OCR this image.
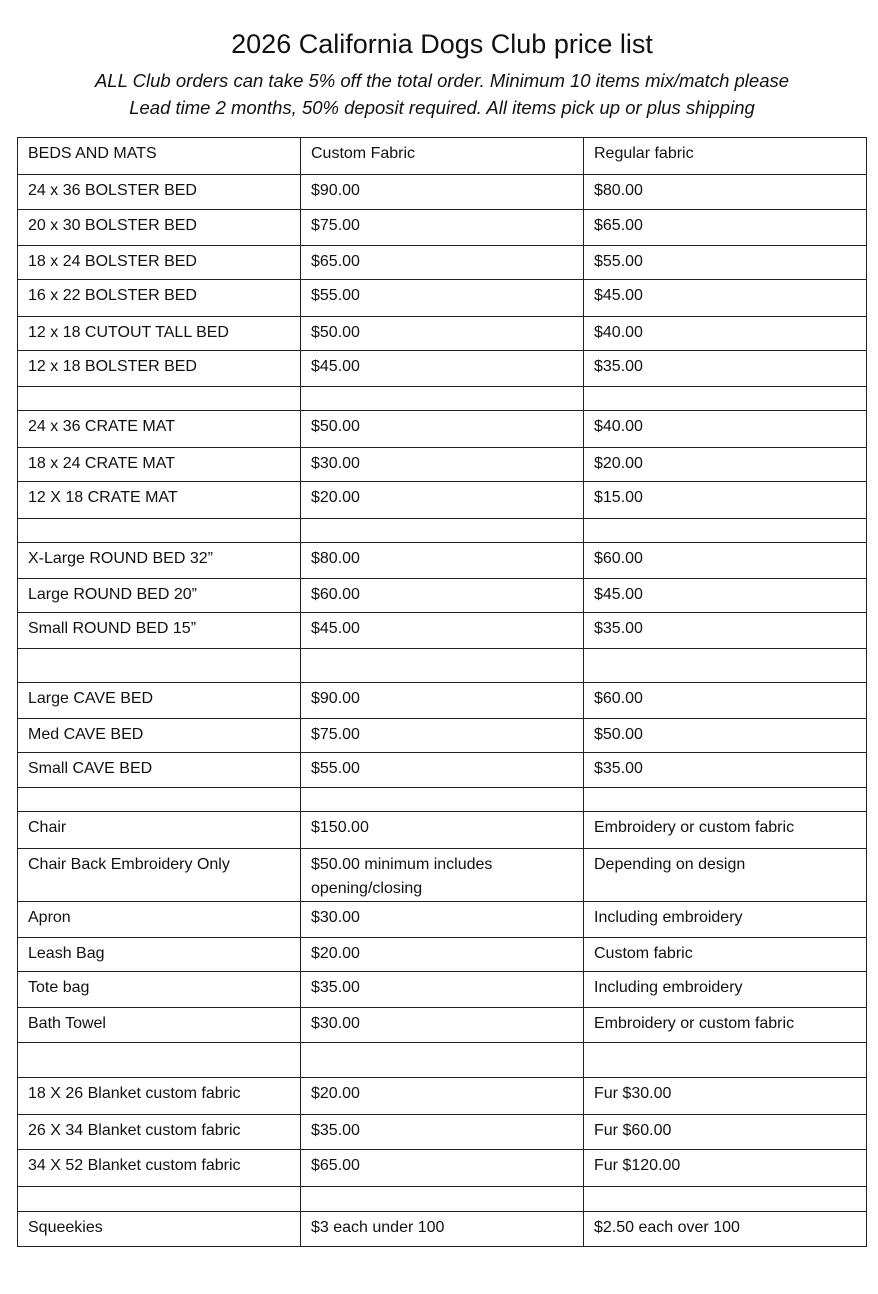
2026 California Dogs Club price list
ALL Club orders can take 5% off the total order. Minimum 10 items mix/match please
Lead time 2 months, 50% deposit required. All items pick up or plus shipping
BEDS AND MATS	Custom Fabric	Regular fabric
24 x 36 BOLSTER BED	$90.00	$80.00
20 x 30 BOLSTER BED	$75.00	$65.00
18 x 24 BOLSTER BED	$65.00	$55.00
16 x 22 BOLSTER BED	$55.00	$45.00
12 x 18 CUTOUT TALL BED	$50.00	$40.00
12 x 18 BOLSTER BED	$45.00	$35.00

24 x 36 CRATE MAT	$50.00	$40.00
18 x 24 CRATE MAT	$30.00	$20.00
12 X 18 CRATE MAT	$20.00	$15.00

X-Large ROUND BED 32”	$80.00	$60.00
Large ROUND BED 20”	$60.00	$45.00
Small ROUND BED 15”	$45.00	$35.00

Large CAVE BED	$90.00	$60.00
Med CAVE BED	$75.00	$50.00
Small CAVE BED	$55.00	$35.00

Chair	$150.00	Embroidery or custom fabric
Chair Back Embroidery Only	$50.00 minimum includes opening/closing	Depending on design
Apron	$30.00	Including embroidery
Leash Bag	$20.00	Custom fabric
Tote bag	$35.00	Including embroidery
Bath Towel	$30.00	Embroidery or custom fabric

18 X 26 Blanket custom fabric	$20.00	Fur $30.00
26 X 34 Blanket custom fabric	$35.00	Fur $60.00
34 X 52 Blanket custom fabric	$65.00	Fur $120.00

Squeekies	$3 each under 100	$2.50 each over 100
